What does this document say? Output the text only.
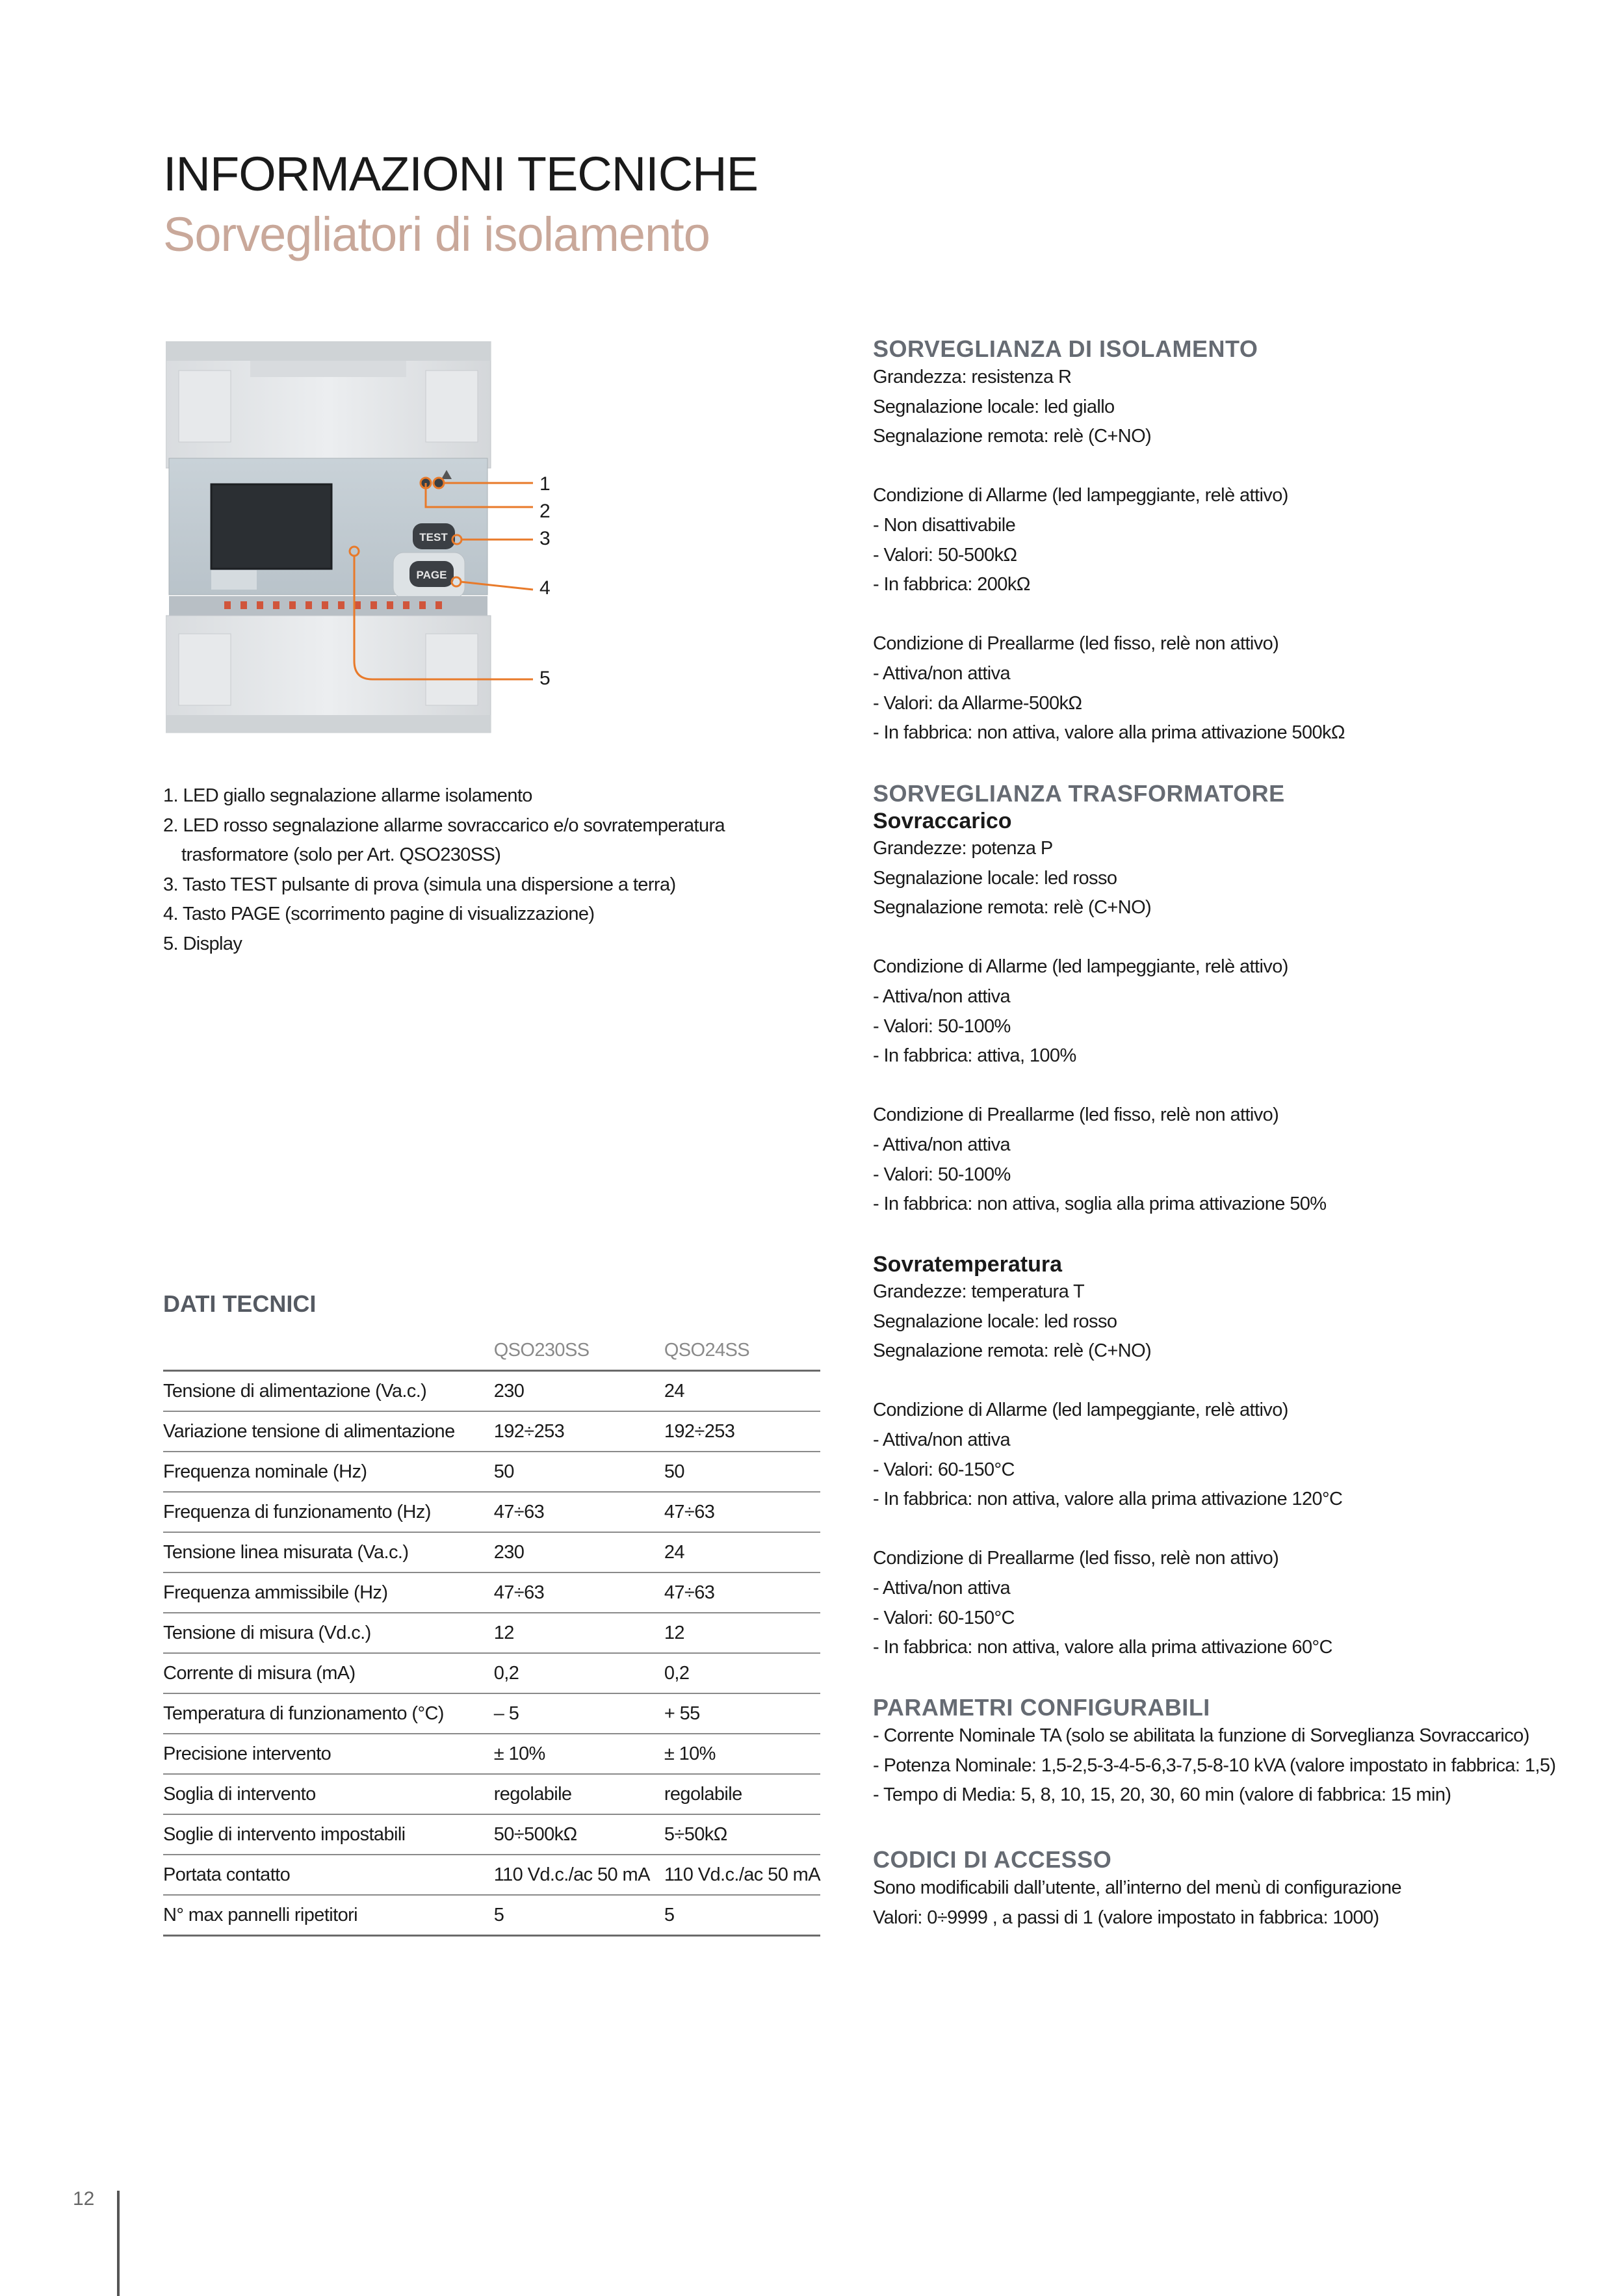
INFORMAZIONI TECNICHE
Sorvegliatori di isolamento
TEST
PAGE
1
2
3
4
5
1. LED giallo segnalazione allarme isolamento
2. LED rosso segnalazione allarme sovraccarico e/o sovratemperatura
trasformatore (solo per Art. QSO230SS)
3. Tasto TEST pulsante di prova (simula una dispersione a terra)
4. Tasto PAGE (scorrimento pagine di visualizzazione)
5. Display
SORVEGLIANZA DI ISOLAMENTO
Grandezza: resistenza R
Segnalazione locale: led giallo
Segnalazione remota: relè (C+NO)
Condizione di Allarme (led lampeggiante, relè attivo)
- Non disattivabile
- Valori: 50-500kΩ
- In fabbrica: 200kΩ
Condizione di Preallarme (led fisso, relè non attivo)
- Attiva/non attiva
- Valori: da Allarme-500kΩ
- In fabbrica: non attiva, valore alla prima attivazione 500kΩ
SORVEGLIANZA TRASFORMATORE
Sovraccarico
Grandezze: potenza P
Segnalazione locale: led rosso
Segnalazione remota: relè (C+NO)
Condizione di Allarme (led lampeggiante, relè attivo)
- Attiva/non attiva
- Valori: 50-100%
- In fabbrica: attiva, 100%
Condizione di Preallarme (led fisso, relè non attivo)
- Attiva/non attiva
- Valori: 50-100%
- In fabbrica: non attiva, soglia alla prima attivazione 50%
Sovratemperatura
Grandezze: temperatura T
Segnalazione locale: led rosso
Segnalazione remota: relè (C+NO)
Condizione di Allarme (led lampeggiante, relè attivo)
- Attiva/non attiva
- Valori: 60-150°C
- In fabbrica: non attiva, valore alla prima attivazione 120°C
Condizione di Preallarme (led fisso, relè non attivo)
- Attiva/non attiva
- Valori: 60-150°C
- In fabbrica: non attiva, valore alla prima attivazione 60°C
PARAMETRI CONFIGURABILI
- Corrente Nominale TA (solo se abilitata la funzione di Sorveglianza Sovraccarico)
- Potenza Nominale: 1,5-2,5-3-4-5-6,3-7,5-8-10 kVA (valore impostato in fabbrica: 1,5)
- Tempo di Media: 5, 8, 10, 15, 20, 30, 60 min (valore di fabbrica: 15 min)
CODICI DI ACCESSO
Sono modificabili dall’utente, all’interno del menù di configurazione
Valori: 0÷9999 , a passi di 1 (valore impostato in fabbrica: 1000)
DATI TECNICI
	QSO230SS	QSO24SS
Tensione di alimentazione (Va.c.)	230	24
Variazione tensione di alimentazione	192÷253	192÷253
Frequenza nominale (Hz)	50	50
Frequenza di funzionamento (Hz)	47÷63	47÷63
Tensione linea misurata (Va.c.)	230	24
Frequenza ammissibile (Hz)	47÷63	47÷63
Tensione di misura (Vd.c.)	12	12
Corrente di misura (mA)	0,2	0,2
Temperatura di funzionamento (°C)	– 5	+ 55
Precisione intervento	± 10%	± 10%
Soglia di intervento	regolabile	regolabile
Soglie di intervento impostabili	50÷500kΩ	5÷50kΩ
Portata contatto	110 Vd.c./ac 50 mA	110 Vd.c./ac 50 mA
N° max pannelli ripetitori	5	5
12
